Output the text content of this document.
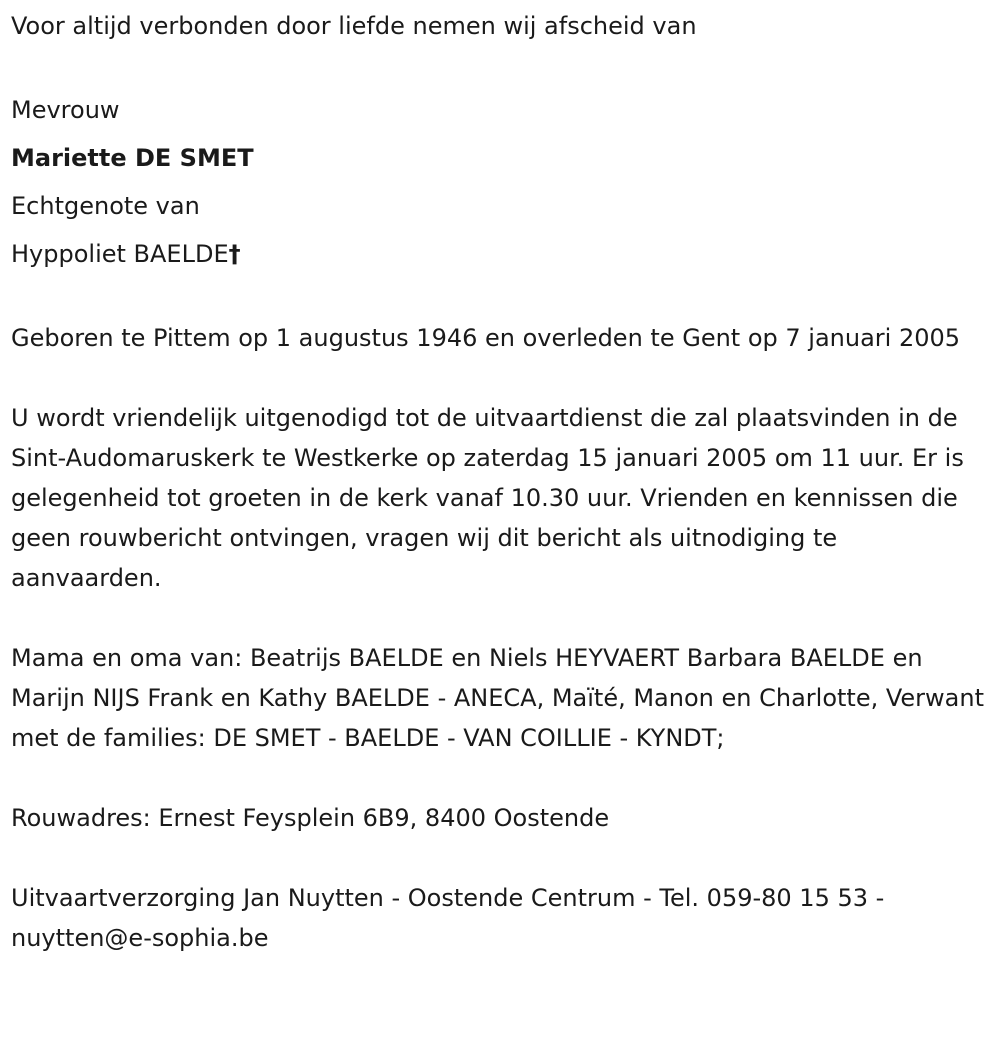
Voor altijd verbonden door liefde nemen wij afscheid van

Mevrouw

Mariette DE SMET

Echtgenote van

Hyppoliet BAELDE†

Geboren te Pittem op 1 augustus 1946 en overleden te Gent op 7 januari 2005

U wordt vriendelijk uitgenodigd tot de uitvaartdienst die zal plaatsvinden in de Sint-Audomaruskerk te Westkerke op zaterdag 15 januari 2005 om 11 uur. Er is gelegenheid tot groeten in de kerk vanaf 10.30 uur. Vrienden en kennissen die geen rouwbericht ontvingen, vragen wij dit bericht als uitnodiging te aanvaarden.

Mama en oma van: Beatrijs BAELDE en Niels HEYVAERT Barbara BAELDE en Marijn NIJS Frank en Kathy BAELDE - ANECA, Maïté, Manon en Charlotte, Verwant met de families: DE SMET - BAELDE - VAN COILLIE - KYNDT;

Rouwadres: Ernest Feysplein 6B9, 8400 Oostende

Uitvaartverzorging Jan Nuytten - Oostende Centrum - Tel. 059-80 15 53 - nuytten@e-sophia.be
